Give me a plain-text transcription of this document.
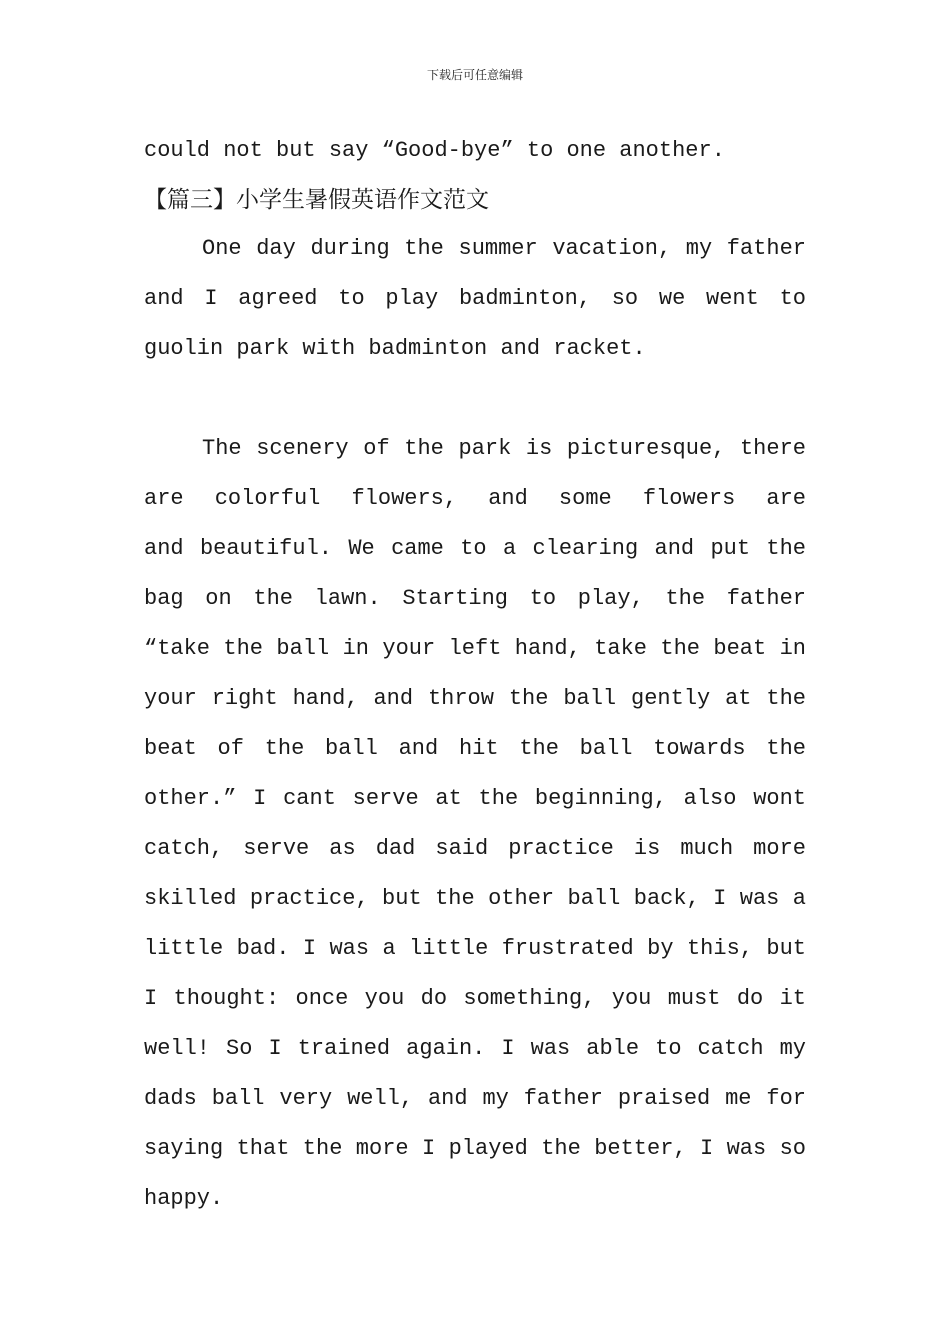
下载后可任意编辑
could not but say “Good-bye” to one another.
【篇三】小学生暑假英语作文范文
One day during the summer vacation, my father
and I agreed to play badminton, so we went to
guolin park with badminton and racket.
The scenery of the park is picturesque, there
are colorful flowers, and some flowers are
and beautiful. We came to a clearing and put the
bag on the lawn. Starting to play, the father
“take the ball in your left hand, take the beat in
your right hand, and throw the ball gently at the
beat of the ball and hit the ball towards the
other.” I cant serve at the beginning, also wont
catch, serve as dad said practice is much more
skilled practice, but the other ball back, I was a
little bad. I was a little frustrated by this, but
I thought: once you do something, you must do it
well! So I trained again. I was able to catch my
dads ball very well, and my father praised me for
saying that the more I played the better, I was so
happy.
